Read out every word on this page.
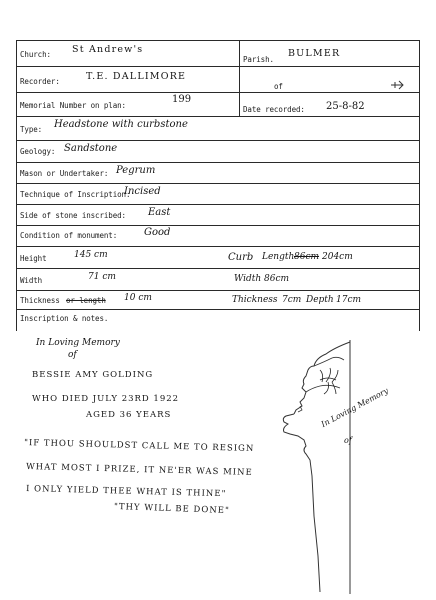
Church: St Andrew's
Parish.
BULMER
Recorder:	T.E. DALLIMORE
of
Memorial Number on plan:
199
Date recorded: 25-8-82
Type: Headstone with curbstone
Geology: Sandstone
Mason or Undertaker: Pegrum
Technique of Inscription:
Incised
Side of stone inscribed: East
Condition of monument:	Good
Height	145 cm	Curb Length 86cm 204cm
Width	71 cm	Width 86cm
Thickness or length 10 cm	Thickness 7cm Depth 17cm
Inscription & notes.
In Loving Memory
of
BESSIE AMY GOLDING
WHO DIED JULY 23RD 1922
AGED 36 YEARS
"IF THOU SHOULDST CALL ME TO RESIGN
WHAT MOST I PRIZE, IT NE'ER WAS MINE
I ONLY YIELD THEE WHAT IS THINE"
"THY WILL BE DONE"
In Loving Memory
of
